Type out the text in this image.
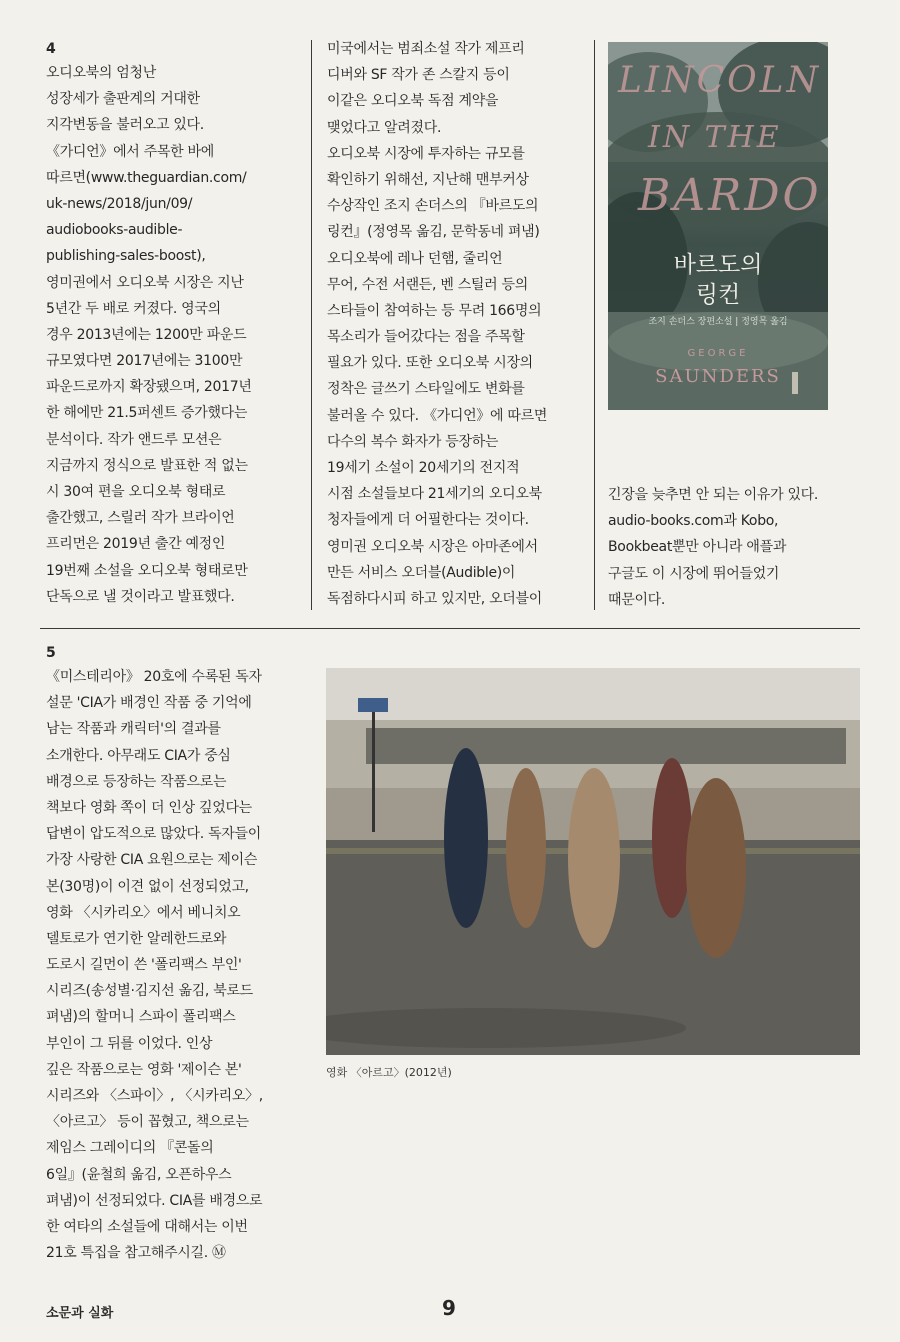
4
오디오북의 엄청난
성장세가 출판계의 거대한
지각변동을 불러오고 있다.
《가디언》에서 주목한 바에
따르면(www.theguardian.com/
uk-news/2018/jun/09/
audiobooks-audible-
publishing-sales-boost),
영미권에서 오디오북 시장은 지난
5년간 두 배로 커졌다. 영국의
경우 2013년에는 1200만 파운드
규모였다면 2017년에는 3100만
파운드로까지 확장됐으며, 2017년
한 해에만 21.5퍼센트 증가했다는
분석이다. 작가 앤드루 모션은
지금까지 정식으로 발표한 적 없는
시 30여 편을 오디오북 형태로
출간했고, 스릴러 작가 브라이언
프리먼은 2019년 출간 예정인
19번째 소설을 오디오북 형태로만
단독으로 낼 것이라고 발표했다.
미국에서는 범죄소설 작가 제프리
디버와 SF 작가 존 스칼지 등이
이같은 오디오북 독점 계약을
맺었다고 알려졌다.
오디오북 시장에 투자하는 규모를
확인하기 위해선, 지난해 맨부커상
수상작인 조지 손더스의 『바르도의
링컨』(정영목 옮김, 문학동네 펴냄)
오디오북에 레나 던햄, 줄리언
무어, 수전 서랜든, 벤 스틸러 등의
스타들이 참여하는 등 무려 166명의
목소리가 들어갔다는 점을 주목할
필요가 있다. 또한 오디오북 시장의
정착은 글쓰기 스타일에도 변화를
불러올 수 있다. 《가디언》에 따르면
다수의 복수 화자가 등장하는
19세기 소설이 20세기의 전지적
시점 소설들보다 21세기의 오디오북
청자들에게 더 어필한다는 것이다.
영미권 오디오북 시장은 아마존에서
만든 서비스 오더블(Audible)이
독점하다시피 하고 있지만, 오더블이
LINCOLN
IN THE
BARDO
바르도의
링컨
조지 손더스 장편소설 | 정영목 옮김
GEORGE
SAUNDERS
긴장을 늦추면 안 되는 이유가 있다.
audio-books.com과 Kobo,
Bookbeat뿐만 아니라 애플과
구글도 이 시장에 뛰어들었기
때문이다.
5
《미스테리아》 20호에 수록된 독자
설문 'CIA가 배경인 작품 중 기억에
남는 작품과 캐릭터'의 결과를
소개한다. 아무래도 CIA가 중심
배경으로 등장하는 작품으로는
책보다 영화 쪽이 더 인상 깊었다는
답변이 압도적으로 많았다. 독자들이
가장 사랑한 CIA 요원으로는 제이슨
본(30명)이 이견 없이 선정되었고,
영화 〈시카리오〉에서 베니치오
델토로가 연기한 알레한드로와
도로시 길먼이 쓴 '폴리팩스 부인'
시리즈(송성별·김지선 옮김, 북로드
펴냄)의 할머니 스파이 폴리팩스
부인이 그 뒤를 이었다. 인상
깊은 작품으로는 영화 '제이슨 본'
시리즈와 〈스파이〉, 〈시카리오〉,
〈아르고〉 등이 꼽혔고, 책으로는
제임스 그레이디의 『콘돌의
6일』(윤철희 옮김, 오픈하우스
펴냄)이 선정되었다. CIA를 배경으로
한 여타의 소설들에 대해서는 이번
21호 특집을 참고해주시길. Ⓜ
영화 〈아르고〉(2012년)
소문과 실화	9
